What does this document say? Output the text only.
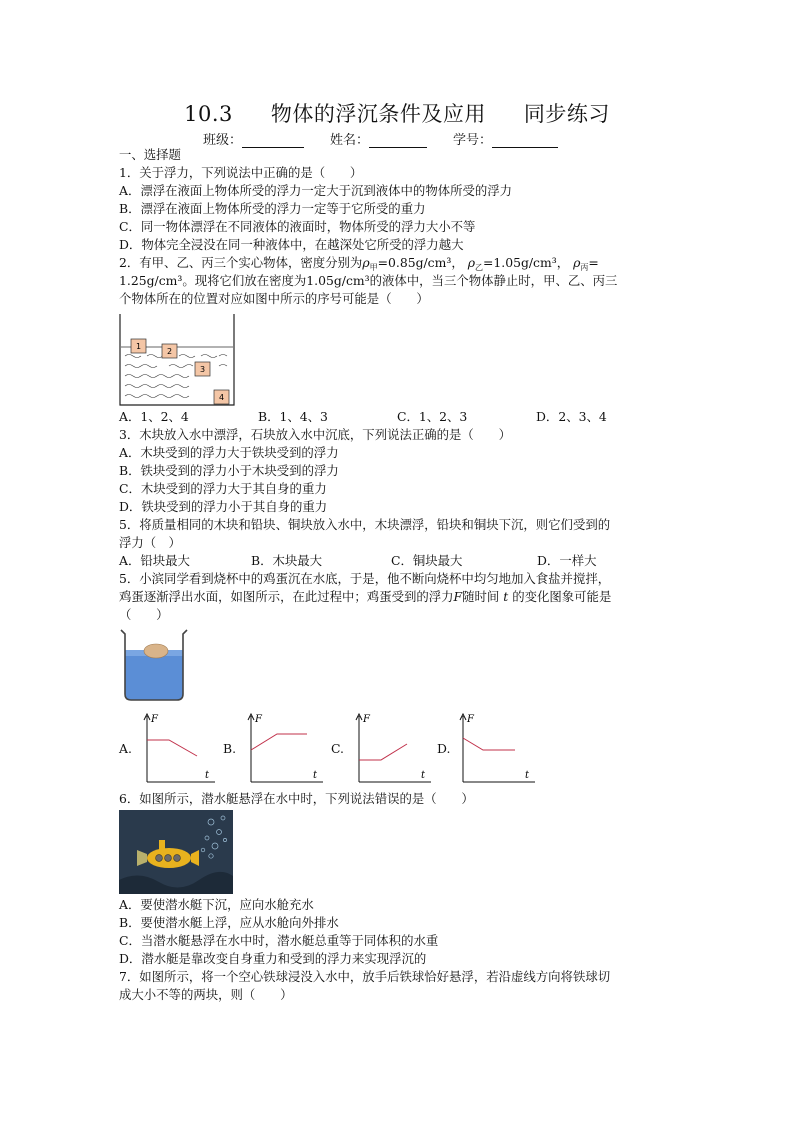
10.3 物体的浮沉条件及应用 同步练习
班级：	姓名：	学号：
一、选择题
1．关于浮力，下列说法中正确的是（　　）
A．漂浮在液面上物体所受的浮力一定大于沉到液体中的物体所受的浮力
B．漂浮在液面上物体所受的浮力一定等于它所受的重力
C．同一物体漂浮在不同液体的液面时，物体所受的浮力大小不等
D．物体完全浸没在同一种液体中，在越深处它所受的浮力越大
2．有甲、乙、丙三个实心物体，密度分别为$\rho_甲=0.85g$/cm³， $\rho_乙=1.05g$/cm³， $\rho_丙=$
1.25g/cm³。现将它们放在密度为1.05g/cm³的液体中，当三个物体静止时，甲、乙、丙三
个物体所在的位置对应如图中所示的序号可能是（　　）
1
2
3
4
A．1、2、4	B．1、4、3	C．1、2、3	D．2、3、4
3．木块放入水中漂浮，石块放入水中沉底，下列说法正确的是（　　）
A．木块受到的浮力大于铁块受到的浮力
B．铁块受到的浮力小于木块受到的浮力
C．木块受到的浮力大于其自身的重力
D．铁块受到的浮力小于其自身的重力
5．将质量相同的木块和铅块、铜块放入水中，木块漂浮，铅块和铜块下沉，则它们受到的
浮力（　）
A．铅块最大	B．木块最大	C．铜块最大	D．一样大
5．小滨同学看到烧杯中的鸡蛋沉在水底，于是，他不断向烧杯中均匀地加入食盐并搅拌，
鸡蛋逐渐浮出水面，如图所示，在此过程中；鸡蛋受到的浮力F随时间 t 的变化图象可能是
（　　）
A.
F
t
B.
F
t
C.
F
t
D.
F
t
6．如图所示，潜水艇悬浮在水中时，下列说法错误的是（　　）
A．要使潜水艇下沉，应向水舱充水
B．要使潜水艇上浮，应从水舱向外排水
C．当潜水艇悬浮在水中时，潜水艇总重等于同体积的水重
D．潜水艇是靠改变自身重力和受到的浮力来实现浮沉的
7．如图所示，将一个空心铁球浸没入水中，放手后铁球恰好悬浮，若沿虚线方向将铁球切
成大小不等的两块，则（　　）
